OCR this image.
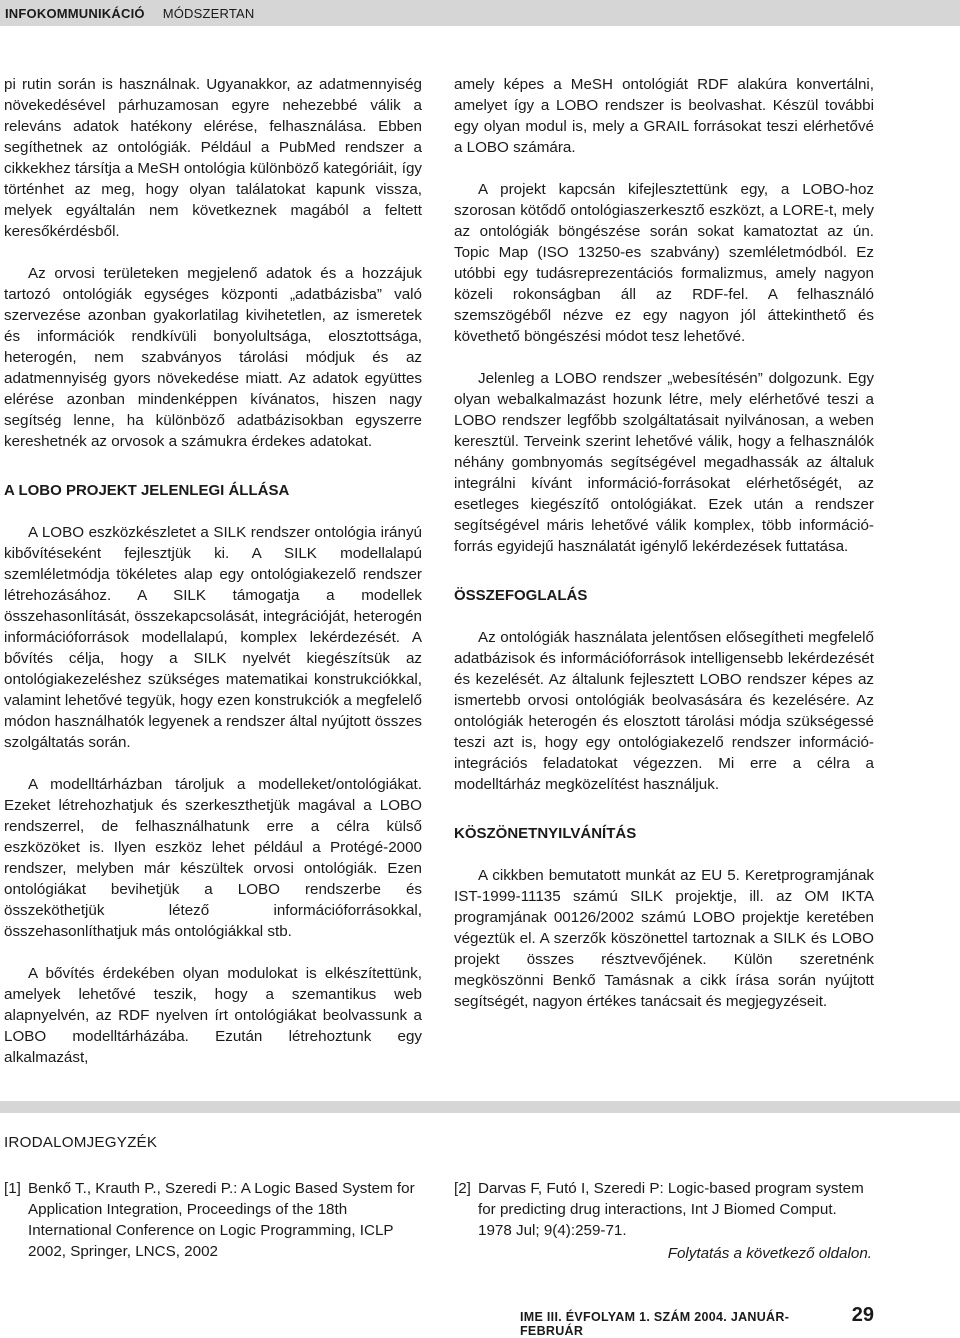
INFOKOMMUNIKÁCIÓ MÓDSZERTAN

pi rutin során is használnak. Ugyanakkor, az adatmennyiség növekedésével párhuzamosan egyre nehezebbé válik a releváns adatok hatékony elérése, felhasználása. Ebben segíthetnek az ontológiák. Például a PubMed rendszer a cikkekhez társítja a MeSH ontológia különböző kategóriáit, így történhet az meg, hogy olyan találatokat kapunk vissza, melyek egyáltalán nem következnek magából a feltett keresőkérdésből.

Az orvosi területeken megjelenő adatok és a hozzájuk tartozó ontológiák egységes központi „adatbázisba” való szervezése azonban gyakorlatilag kivihetetlen, az ismeretek és információk rendkívüli bonyolultsága, elosztottsága, heterogén, nem szabványos tárolási módjuk és az adatmennyiség gyors növekedése miatt. Az adatok együttes elérése azonban mindenképpen kívánatos, hiszen nagy segítség lenne, ha különböző adatbázisokban egyszerre kereshetnék az orvosok a számukra érdekes adatokat.

A LOBO PROJEKT JELENLEGI ÁLLÁSA

A LOBO eszközkészletet a SILK rendszer ontológia irányú kibővítéseként fejlesztjük ki. A SILK modellalapú szemléletmódja tökéletes alap egy ontológiakezelő rendszer létrehozásához. A SILK támogatja a modellek összehasonlítását, összekapcsolását, integrációját, heterogén információforrások modellalapú, komplex lekérdezését. A bővítés célja, hogy a SILK nyelvét kiegészítsük az ontológiakezeléshez szükséges matematikai konstrukciókkal, valamint lehetővé tegyük, hogy ezen konstrukciók a megfelelő módon használhatók legyenek a rendszer által nyújtott összes szolgáltatás során.

A modelltárházban tároljuk a modelleket/ontológiákat. Ezeket létrehozhatjuk és szerkeszthetjük magával a LOBO rendszerrel, de felhasználhatunk erre a célra külső eszközöket is. Ilyen eszköz lehet például a Protégé-2000 rendszer, melyben már készültek orvosi ontológiák. Ezen ontológiákat bevihetjük a LOBO rendszerbe és összeköthetjük létező információforrásokkal, összehasonlíthatjuk más ontológiákkal stb.

A bővítés érdekében olyan modulokat is elkészítettünk, amelyek lehetővé teszik, hogy a szemantikus web alapnyelvén, az RDF nyelven írt ontológiákat beolvassunk a LOBO modelltárházába. Ezután létrehoztunk egy alkalmazást,

amely képes a MeSH ontológiát RDF alakúra konvertálni, amelyet így a LOBO rendszer is beolvashat. Készül további egy olyan modul is, mely a GRAIL forrásokat teszi elérhetővé a LOBO számára.

A projekt kapcsán kifejlesztettünk egy, a LOBO-hoz szorosan kötődő ontológiaszerkesztő eszközt, a LORE-t, mely az ontológiák böngészése során sokat kamatoztat az ún. Topic Map (ISO 13250-es szabvány) szemléletmódból. Ez utóbbi egy tudásreprezentációs formalizmus, amely nagyon közeli rokonságban áll az RDF-fel. A felhasználó szemszögéből nézve ez egy nagyon jól áttekinthető és követhető böngészési módot tesz lehetővé.

Jelenleg a LOBO rendszer „webesítésén” dolgozunk. Egy olyan webalkalmazást hozunk létre, mely elérhetővé teszi a LOBO rendszer legfőbb szolgáltatásait nyilvánosan, a weben keresztül. Terveink szerint lehetővé válik, hogy a felhasználók néhány gombnyomás segítségével megadhassák az általuk integrálni kívánt információ-forrásokat elérhetőségét, az esetleges kiegészítő ontológiákat. Ezek után a rendszer segítségével máris lehetővé válik komplex, több információ-forrás egyidejű használatát igénylő lekérdezések futtatása.

ÖSSZEFOGLALÁS

Az ontológiák használata jelentősen elősegítheti megfelelő adatbázisok és információforrások intelligensebb lekérdezését és kezelését. Az általunk fejlesztett LOBO rendszer képes az ismertebb orvosi ontológiák beolvasására és kezelésére. Az ontológiák heterogén és elosztott tárolási módja szükségessé teszi azt is, hogy egy ontológiakezelő rendszer információ-integrációs feladatokat végezzen. Mi erre a célra a modelltárház megközelítést használjuk.

KÖSZÖNETNYILVÁNÍTÁS

A cikkben bemutatott munkát az EU 5. Keretprogramjának IST-1999-11135 számú SILK projektje, ill. az OM IKTA programjának 00126/2002 számú LOBO projektje keretében végeztük el. A szerzők köszönettel tartoznak a SILK és LOBO projekt összes résztvevőjének. Külön szeretnénk megköszönni Benkő Tamásnak a cikk írása során nyújtott segítségét, nagyon értékes tanácsait és megjegyzéseit.

IRODALOMJEGYZÉK
[1] Benkő T., Krauth P., Szeredi P.: A Logic Based System for Application Integration, Proceedings of the 18th International Conference on Logic Programming, ICLP 2002, Springer, LNCS, 2002
[2] Darvas F, Futó I, Szeredi P: Logic-based program system for predicting drug interactions, Int J Biomed Comput. 1978 Jul; 9(4):259-71.
Folytatás a következő oldalon.
IME III. ÉVFOLYAM 1. SZÁM 2004. JANUÁR-FEBRUÁR
29
